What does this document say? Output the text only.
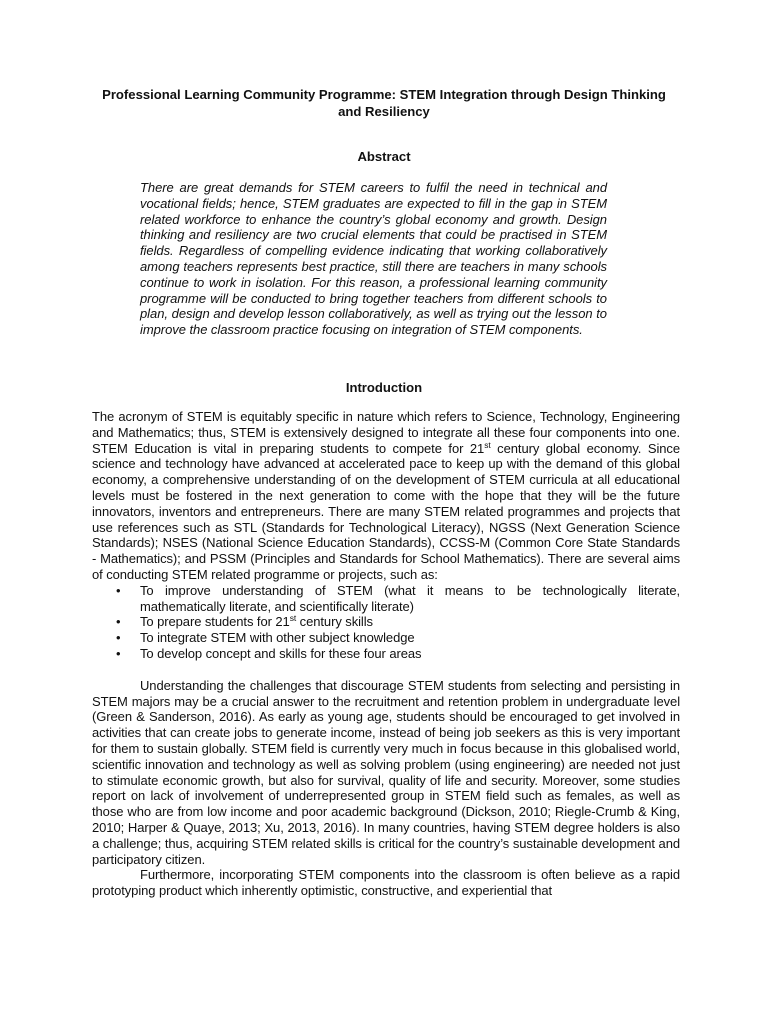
Professional Learning Community Programme: STEM Integration through Design Thinking and Resiliency
Abstract

There are great demands for STEM careers to fulfil the need in technical and vocational fields; hence, STEM graduates are expected to fill in the gap in STEM related workforce to enhance the country’s global economy and growth. Design thinking and resiliency are two crucial elements that could be practised in STEM fields. Regardless of compelling evidence indicating that working collaboratively among teachers represents best practice, still there are teachers in many schools continue to work in isolation. For this reason, a professional learning community programme will be conducted to bring together teachers from different schools to plan, design and develop lesson collaboratively, as well as trying out the lesson to improve the classroom practice focusing on integration of STEM components.

Introduction

The acronym of STEM is equitably specific in nature which refers to Science, Technology, Engineering and Mathematics; thus, STEM is extensively designed to integrate all these four components into one. STEM Education is vital in preparing students to compete for 21st century global economy. Since science and technology have advanced at accelerated pace to keep up with the demand of this global economy, a comprehensive understanding of on the development of STEM curricula at all educational levels must be fostered in the next generation to come with the hope that they will be the future innovators, inventors and entrepreneurs. There are many STEM related programmes and projects that use references such as STL (Standards for Technological Literacy), NGSS (Next Generation Science Standards); NSES (National Science Education Standards), CCSS-M (Common Core State Standards - Mathematics); and PSSM (Principles and Standards for School Mathematics). There are several aims of conducting STEM related programme or projects, such as:

• To improve understanding of STEM (what it means to be technologically literate, mathematically literate, and scientifically literate)
• To prepare students for 21st century skills
• To integrate STEM with other subject knowledge
• To develop concept and skills for these four areas

Understanding the challenges that discourage STEM students from selecting and persisting in STEM majors may be a crucial answer to the recruitment and retention problem in undergraduate level (Green & Sanderson, 2016). As early as young age, students should be encouraged to get involved in activities that can create jobs to generate income, instead of being job seekers as this is very important for them to sustain globally. STEM field is currently very much in focus because in this globalised world, scientific innovation and technology as well as solving problem (using engineering) are needed not just to stimulate economic growth, but also for survival, quality of life and security. Moreover, some studies report on lack of involvement of underrepresented group in STEM field such as females, as well as those who are from low income and poor academic background (Dickson, 2010; Riegle-Crumb & King, 2010; Harper & Quaye, 2013; Xu, 2013, 2016). In many countries, having STEM degree holders is also a challenge; thus, acquiring STEM related skills is critical for the country’s sustainable development and participatory citizen.

Furthermore, incorporating STEM components into the classroom is often believe as a rapid prototyping product which inherently optimistic, constructive, and experiential that
